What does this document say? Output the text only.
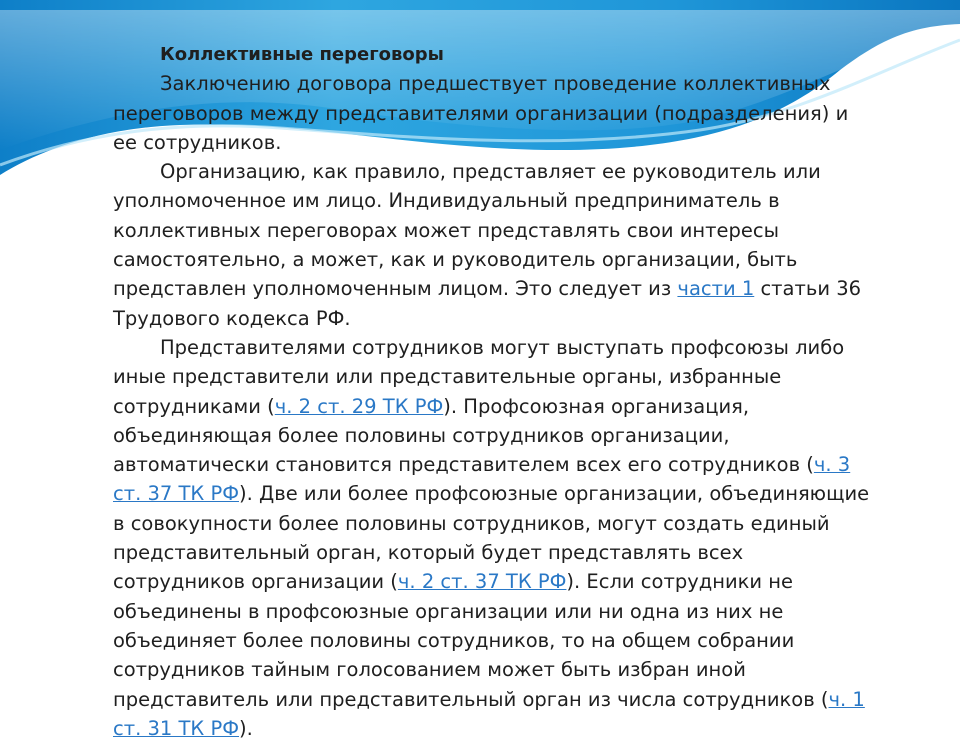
Коллективные переговоры

Заключению договора предшествует проведение коллективных переговоров между представителями организации (подразделения) и ее сотрудников.

Организацию, как правило, представляет ее руководитель или уполномоченное им лицо. Индивидуальный предприниматель в коллективных переговорах может представлять свои интересы самостоятельно, а может, как и руководитель организации, быть представлен уполномоченным лицом. Это следует из части 1 статьи 36 Трудового кодекса РФ.

Представителями сотрудников могут выступать профсоюзы либо иные представители или представительные органы, избранные сотрудниками (ч. 2 ст. 29 ТК РФ). Профсоюзная организация, объединяющая более половины сотрудников организации, автоматически становится представителем всех его сотрудников (ч. 3 ст. 37 ТК РФ). Две или более профсоюзные организации, объединяющие в совокупности более половины сотрудников, могут создать единый представительный орган, который будет представлять всех сотрудников организации (ч. 2 ст. 37 ТК РФ). Если сотрудники не объединены в профсоюзные организации или ни одна из них не объединяет более половины сотрудников, то на общем собрании сотрудников тайным голосованием может быть избран иной представитель или представительный орган из числа сотрудников (ч. 1 ст. 31 ТК РФ).
